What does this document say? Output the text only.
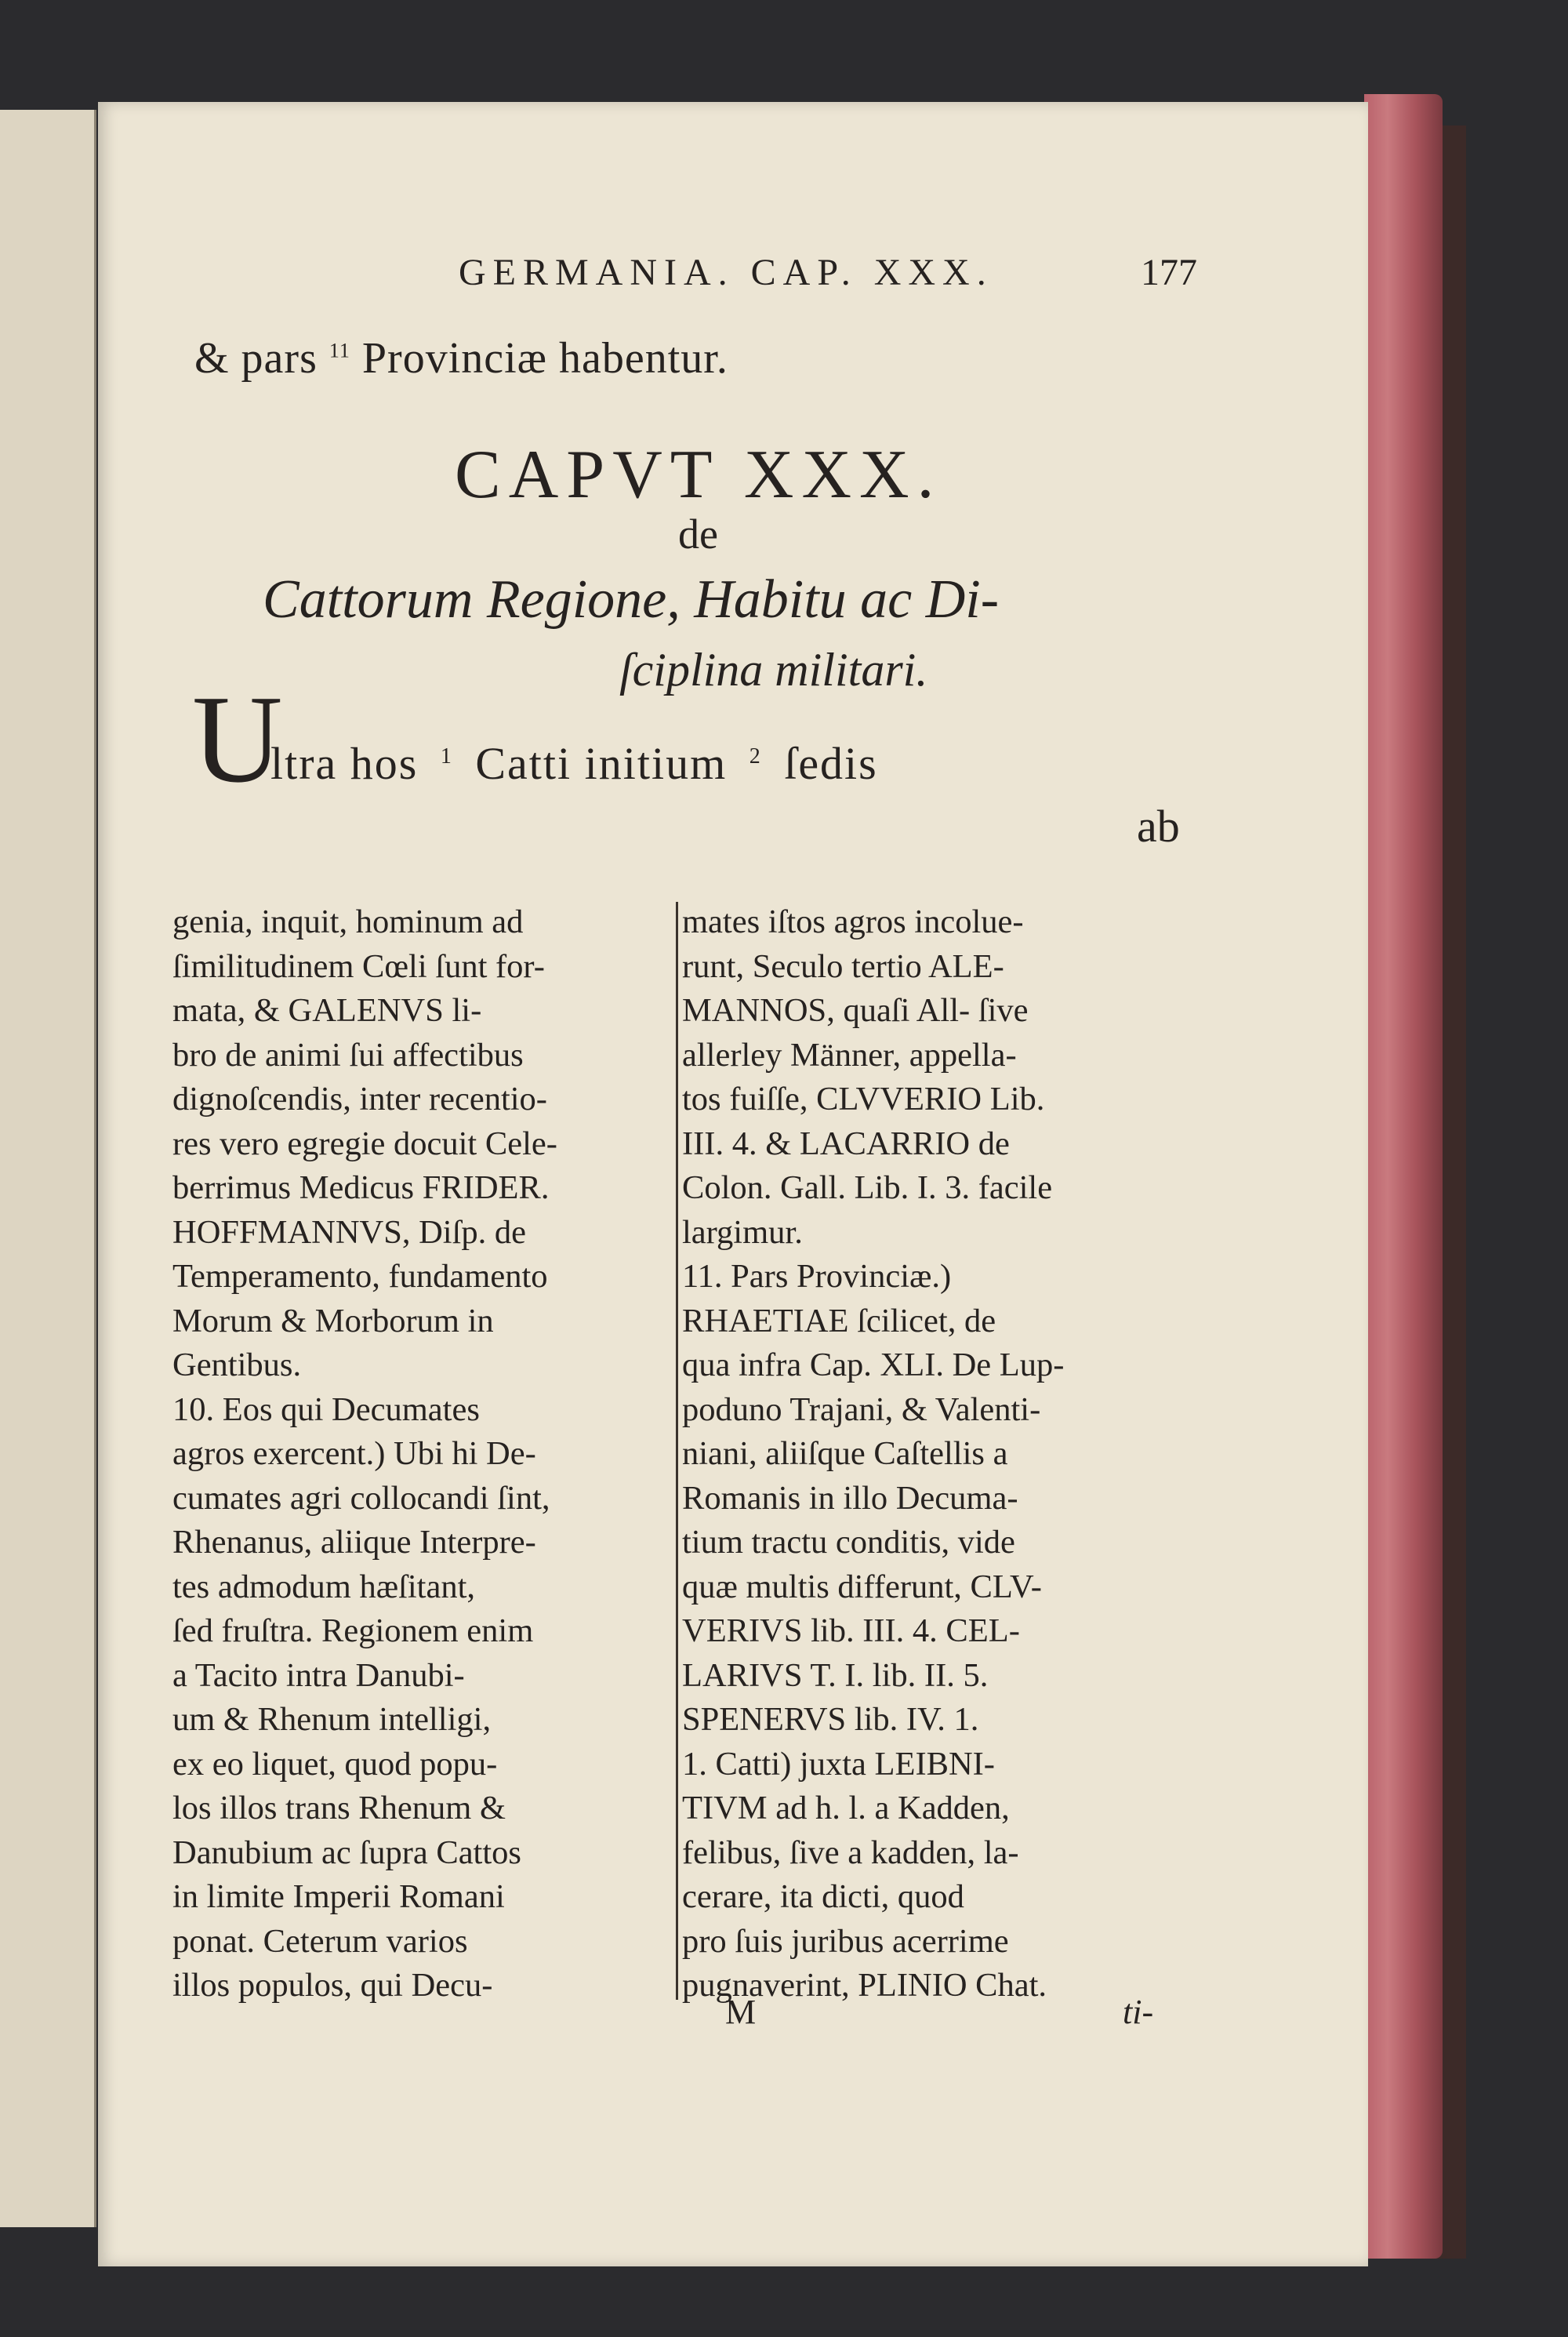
GERMANIA. CAP. XXX.	177
& pars $^{11}$ Provinciæ habentur.
CAPVT XXX.
de
Cattorum Regione, Habitu ac Di-
ſciplina militari.
U
ltra hos $^1$ Catti initium $^2$ ſedis
ab
genia, inquit, hominum ad
ſimilitudinem Cœli ſunt for-
mata, & GALENVS li-
bro de animi ſui affectibus
dignoſcendis, inter recentio-
res vero egregie docuit Cele-
berrimus Medicus FRIDER.
HOFFMANNVS, Diſp. de
Temperamento, fundamento
Morum & Morborum in
Gentibus.
10. Eos qui Decumates
agros exercent.) Ubi hi De-
cumates agri collocandi ſint,
Rhenanus, aliique Interpre-
tes admodum hæſitant,
ſed fruſtra. Regionem enim
a Tacito intra Danubi-
um & Rhenum intelligi,
ex eo liquet, quod popu-
los illos trans Rhenum &
Danubium ac ſupra Cattos
in limite Imperii Romani
ponat. Ceterum varios
illos populos, qui Decu-
mates iſtos agros incolue-
runt, Seculo tertio ALE-
MANNOS, quaſi All- ſive
allerley Männer, appella-
tos fuiſſe, CLVVERIO Lib.
III. 4. & LACARRIO de
Colon. Gall. Lib. I. 3. facile
largimur.
11. Pars Provinciæ.)
RHAETIAE ſcilicet, de
qua infra Cap. XLI. De Lup-
poduno Trajani, & Valenti-
niani, aliiſque Caſtellis a
Romanis in illo Decuma-
tium tractu conditis, vide
quæ multis differunt, CLV-
VERIVS lib. III. 4. CEL-
LARIVS T. I. lib. II. 5.
SPENERVS lib. IV. 1.
1. Catti) juxta LEIBNI-
TIVM ad h. l. a Kadden,
felibus, ſive a kadden, la-
cerare, ita dicti, quod
pro ſuis juribus acerrime
pugnaverint, PLINIO Chat.
M	ti-
